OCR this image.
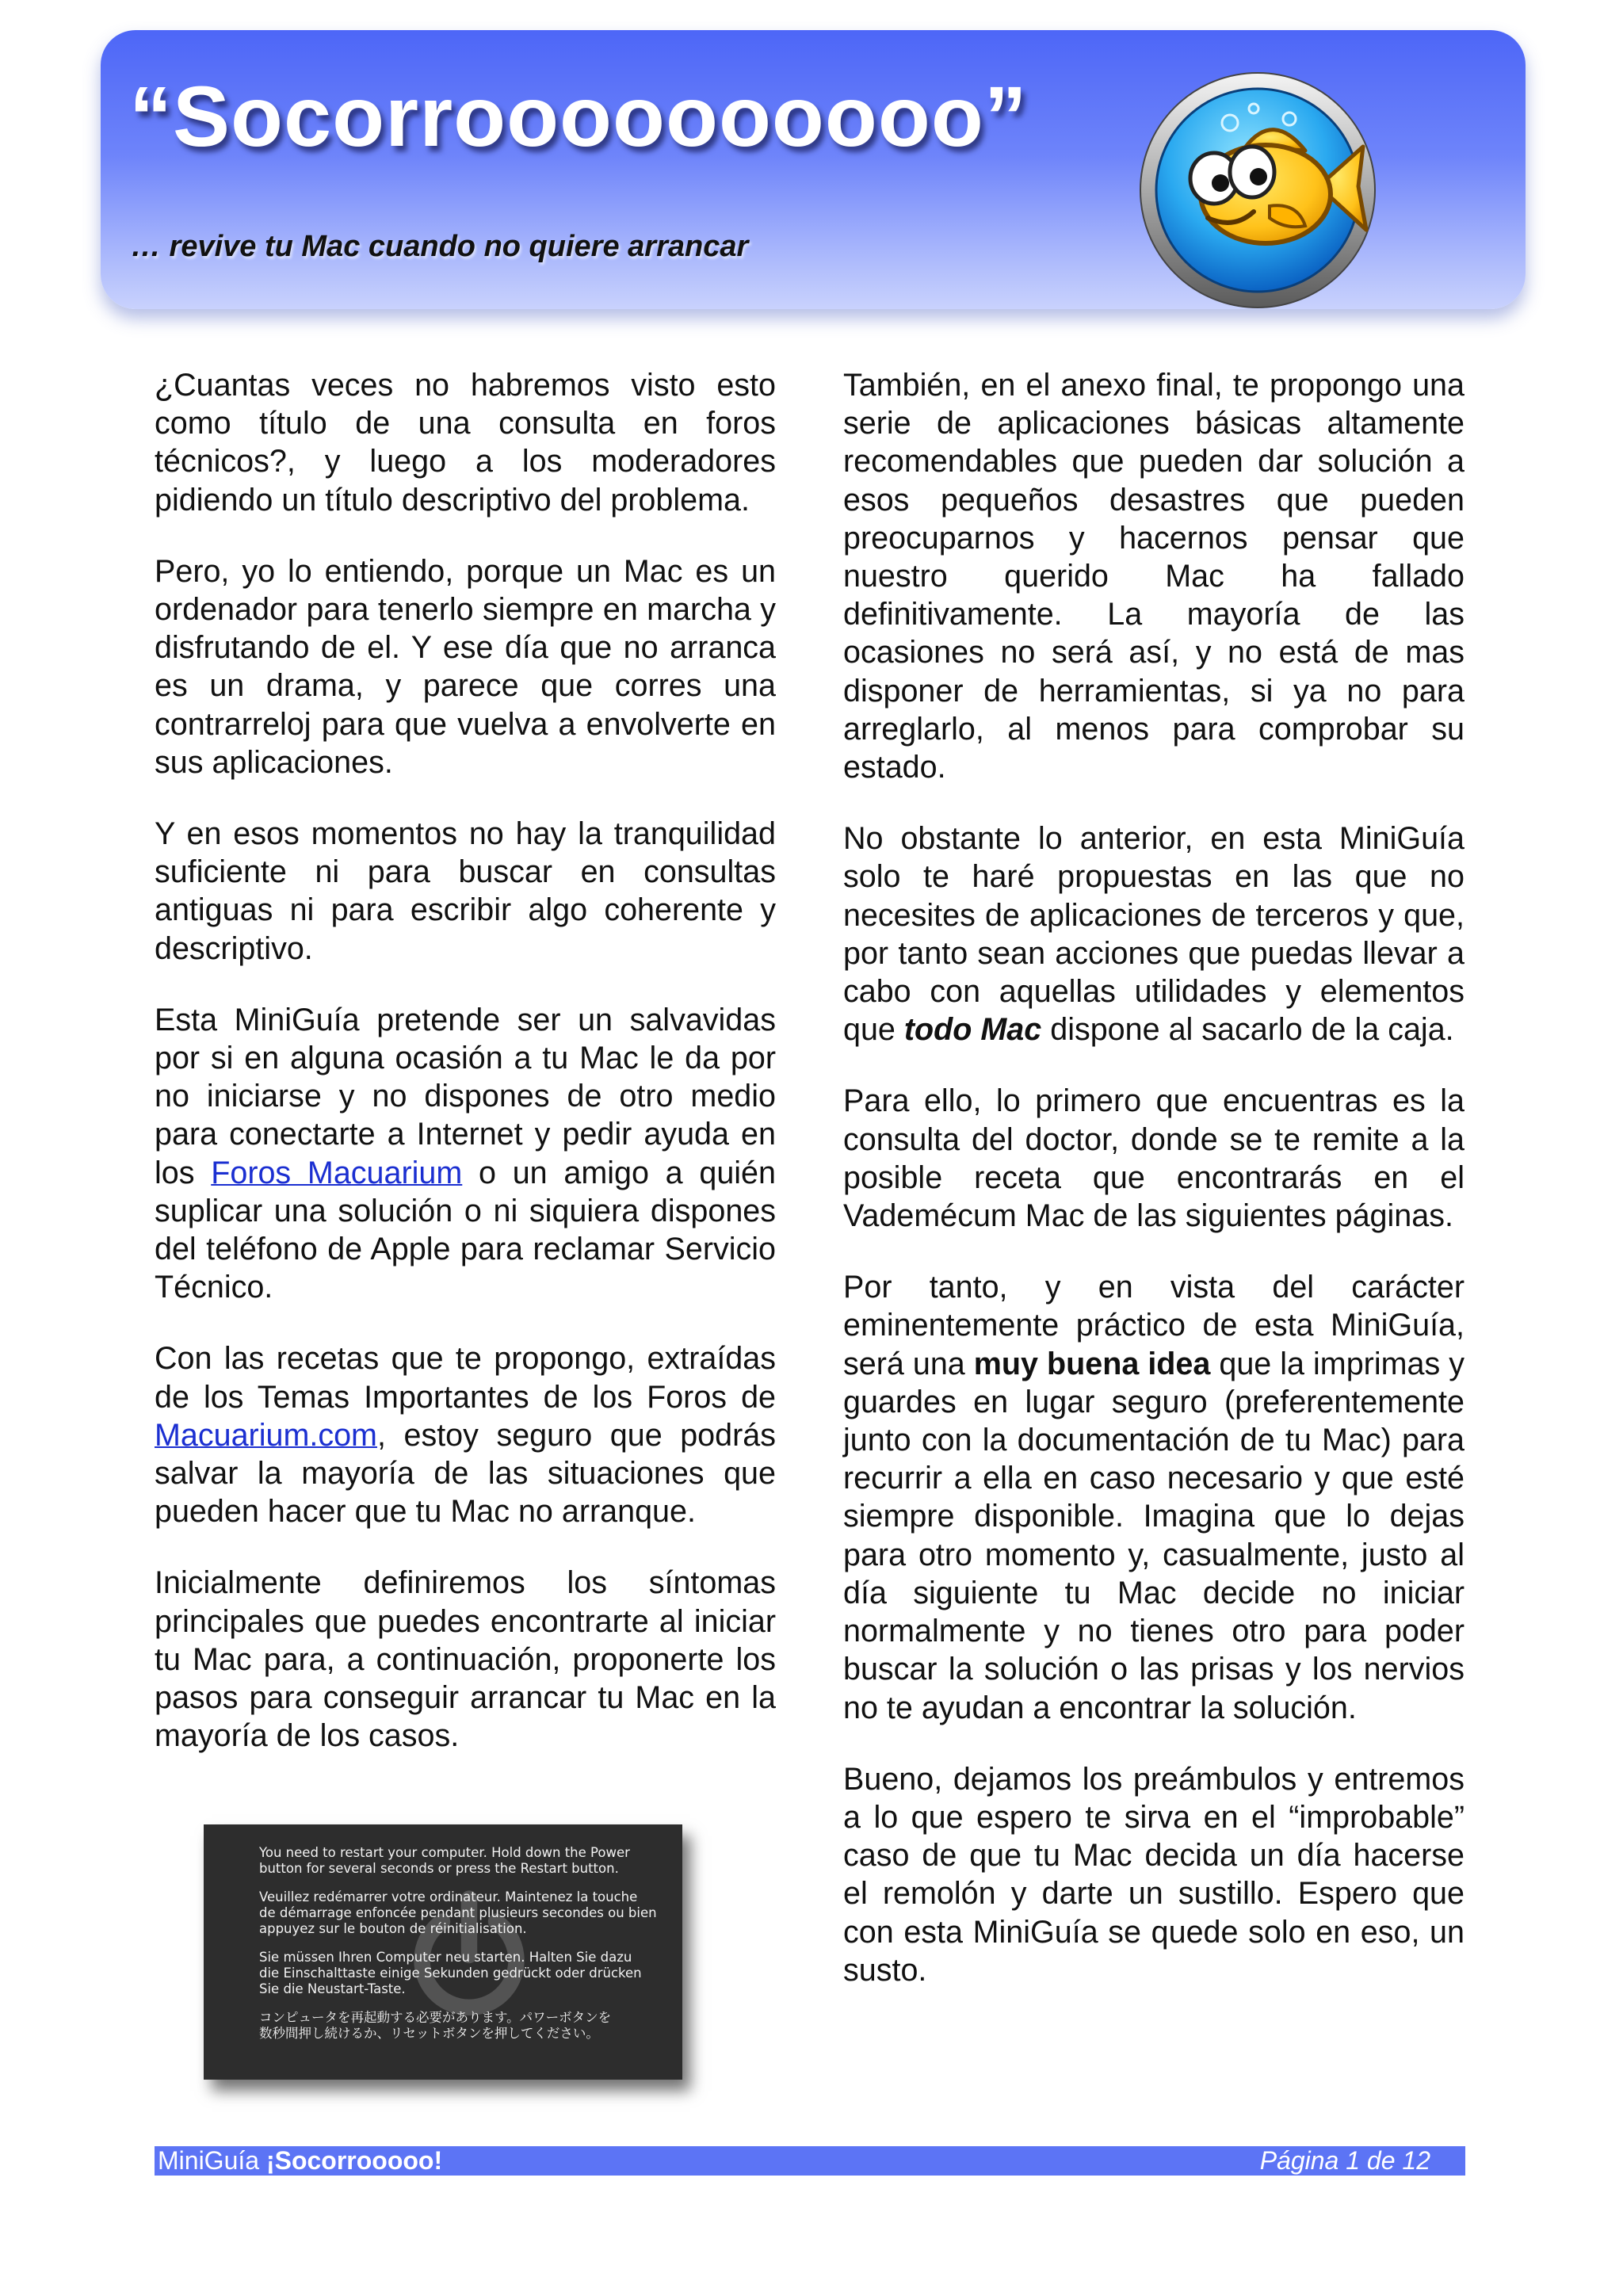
“Socorroooooooooo”
… revive tu Mac cuando no quiere arrancar

¿Cuantas veces no habremos visto esto como título de una consulta en foros técnicos?, y luego a los moderadores pidiendo un título descriptivo del problema.

Pero, yo lo entiendo, porque un Mac es un ordenador para tenerlo siempre en marcha y disfrutando de el. Y ese día que no arranca es un drama, y parece que corres una contrarreloj para que vuelva a envolverte en sus aplicaciones.

Y en esos momentos no hay la tranquilidad suficiente ni para buscar en consultas antiguas ni para escribir algo coherente y descriptivo.

Esta MiniGuía pretende ser un salvavidas por si en alguna ocasión a tu Mac le da por no iniciarse y no dispones de otro medio para conectarte a Internet y pedir ayuda en los Foros Macuarium o un amigo a quién suplicar una solución o ni siquiera dispones del teléfono de Apple para reclamar Servicio Técnico.

Con las recetas que te propongo, extraídas de los Temas Importantes de los Foros de Macuarium.com, estoy seguro que podrás salvar la mayoría de las situaciones que pueden hacer que tu Mac no arranque.

Inicialmente definiremos los síntomas principales que puedes encontrarte al iniciar tu Mac para, a continuación, proponerte los pasos para conseguir arrancar tu Mac en la mayoría de los casos.

You need to restart your computer. Hold down the Power
button for several seconds or press the Restart button.
Veuillez redémarrer votre ordinateur. Maintenez la touche
de démarrage enfoncée pendant plusieurs secondes ou bien
appuyez sur le bouton de réinitialisation.
Sie müssen Ihren Computer neu starten. Halten Sie dazu
die Einschalttaste einige Sekunden gedrückt oder drücken
Sie die Neustart-Taste.
コンピュータを再起動する必要があります。パワーボタンを
数秒間押し続けるか、リセットボタンを押してください。

También, en el anexo final, te propongo una serie de aplicaciones básicas altamente recomendables que pueden dar solución a esos pequeños desastres que pueden preocuparnos y hacernos pensar que nuestro querido Mac ha fallado definitivamente. La mayoría de las ocasiones no será así, y no está de mas disponer de herramientas, si ya no para arreglarlo, al menos para comprobar su estado.

No obstante lo anterior, en esta MiniGuía solo te haré propuestas en las que no necesites de aplicaciones de terceros y que, por tanto sean acciones que puedas llevar a cabo con aquellas utilidades y elementos que todo Mac dispone al sacarlo de la caja.

Para ello, lo primero que encuentras es la consulta del doctor, donde se te remite a la posible receta que encontrarás en el Vademécum Mac de las siguientes páginas.

Por tanto, y en vista del carácter eminentemente práctico de esta MiniGuía, será una muy buena idea que la imprimas y guardes en lugar seguro (preferentemente junto con la documentación de tu Mac) para recurrir a ella en caso necesario y que esté siempre disponible. Imagina que lo dejas para otro momento y, casualmente, justo al día siguiente tu Mac decide no iniciar normalmente y no tienes otro para poder buscar la solución o las prisas y los nervios no te ayudan a encontrar la solución.

Bueno, dejamos los preámbulos y entremos a lo que espero te sirva en el “improbable” caso de que tu Mac decida un día hacerse el remolón y darte un sustillo. Espero que con esta MiniGuía se quede solo en eso, un susto.

MiniGuía ¡Socorrooooo!	Página 1 de 12
